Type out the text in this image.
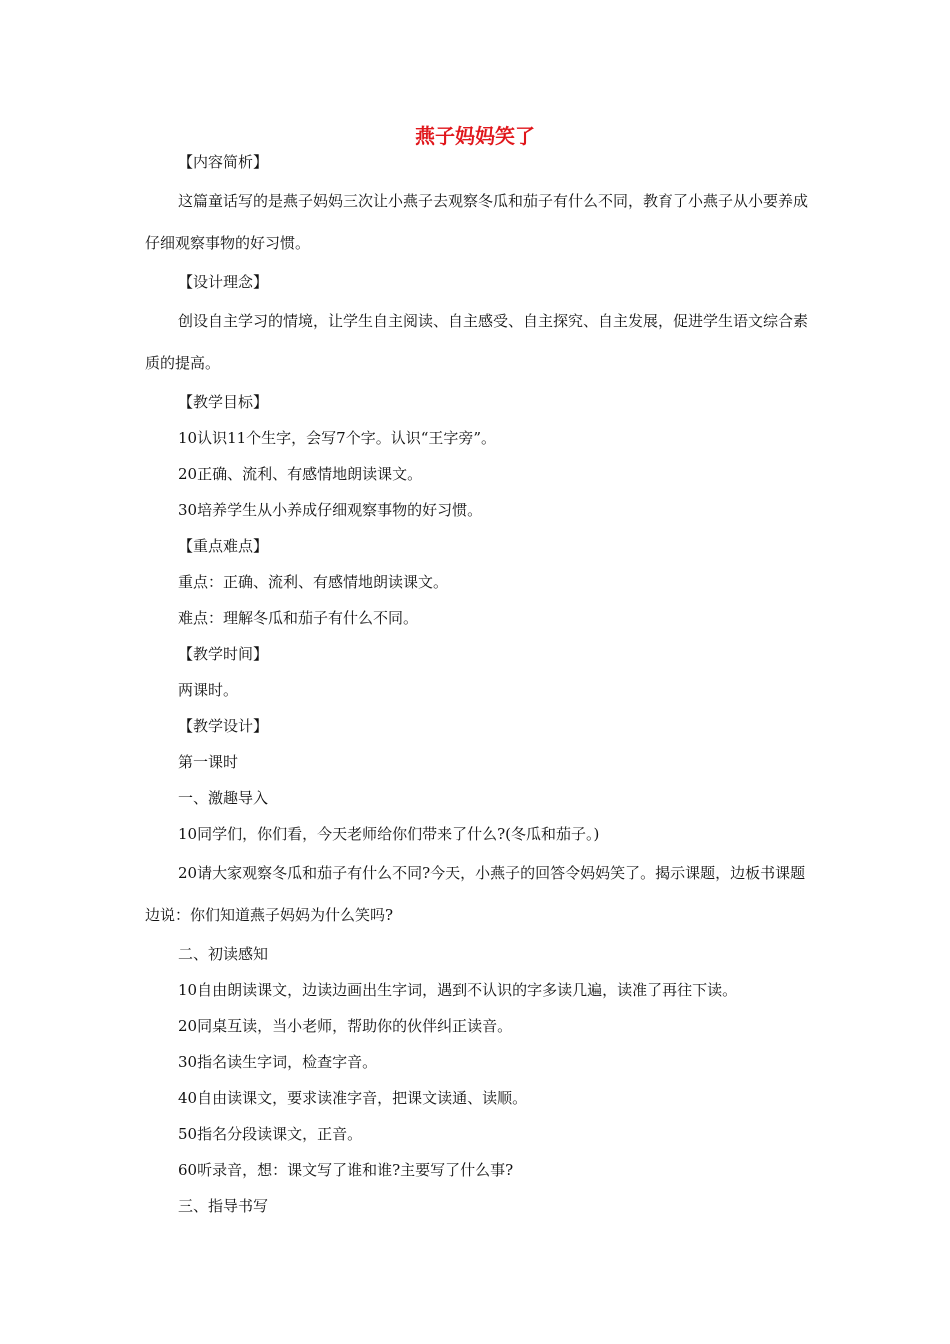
燕子妈妈笑了

【内容简析】

这篇童话写的是燕子妈妈三次让小燕子去观察冬瓜和茄子有什么不同，教育了小燕子从小要养成仔细观察事物的好习惯。

【设计理念】

创设自主学习的情境，让学生自主阅读、自主感受、自主探究、自主发展，促进学生语文综合素质的提高。

【教学目标】

10认识11个生字，会写7个字。认识“王字旁”。

20正确、流利、有感情地朗读课文。

30培养学生从小养成仔细观察事物的好习惯。

【重点难点】

重点：正确、流利、有感情地朗读课文。

难点：理解冬瓜和茄子有什么不同。

【教学时间】

两课时。

【教学设计】

第一课时

一、激趣导入

10同学们，你们看，今天老师给你们带来了什么?(冬瓜和茄子。)

20请大家观察冬瓜和茄子有什么不同?今天，小燕子的回答令妈妈笑了。揭示课题，边板书课题边说：你们知道燕子妈妈为什么笑吗?

二、初读感知

10自由朗读课文，边读边画出生字词，遇到不认识的字多读几遍，读准了再往下读。

20同桌互读，当小老师，帮助你的伙伴纠正读音。

30指名读生字词，检查字音。

40自由读课文，要求读准字音，把课文读通、读顺。

50指名分段读课文，正音。

60听录音，想：课文写了谁和谁?主要写了什么事?

三、指导书写
